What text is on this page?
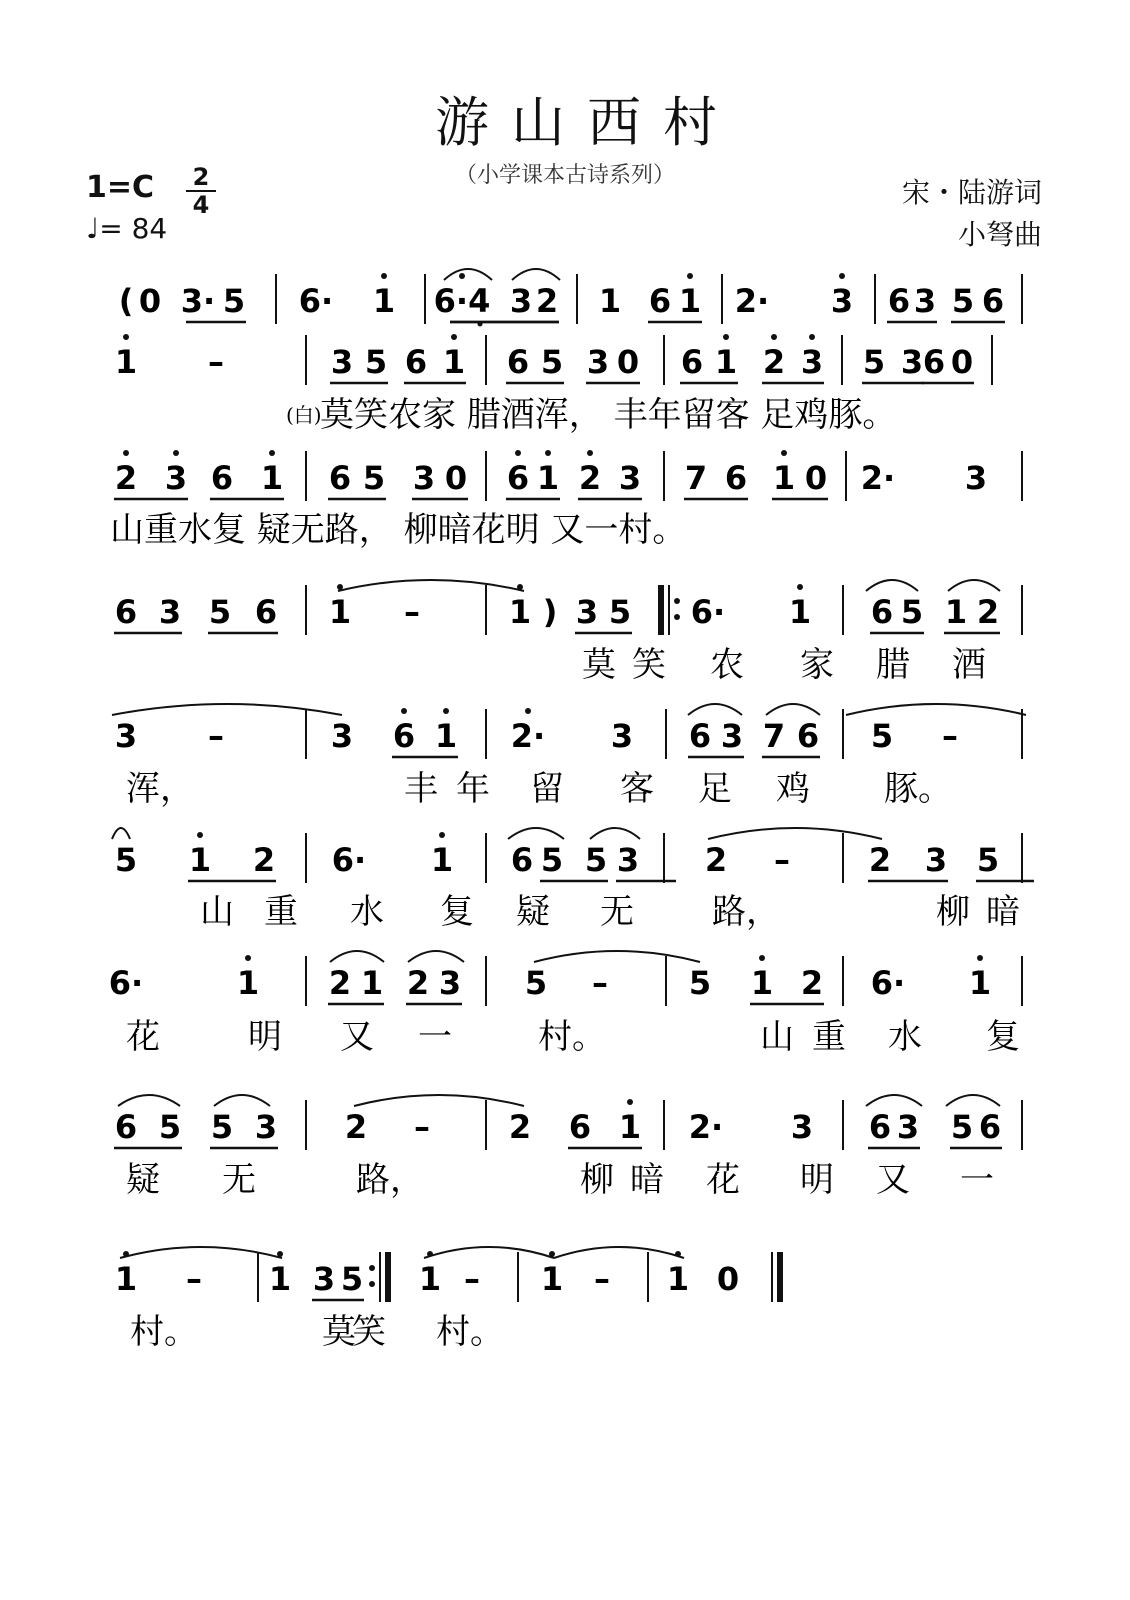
游山西村
（小学课本古诗系列）
1=C 2
4
♩= 84
宋・陆游词
小弩曲
( 0 3· 5 6· 1 6·4 3 2 1 6 1 2· 3 6 3 5 6
1 –	3 5 6 1 6 5 3 0 6 1 2 3 5 3 6 0
(白)
莫笑农家 腊酒浑， 丰年留客 足鸡豚。
2 3 6 1 6 5 3 0 6 1 2 3 7 6 1 0 2· 3
山重水复 疑无路， 柳暗花明 又一村。
6 3 5 6 1 –	1 ) 3 5 6· 1 6 5 1 2
莫 笑 农 家 腊 酒
3 –	3 6 1 2· 3 6 3 7 6 5 –
浑，	丰 年 留 客 足 鸡 豚。
5 1 2 6· 1 6 5 5 3 2 – 2 3 5
山 重 水 复 疑 无 路，	柳 暗
6·	1 2 1 2 3 5 –	5 1 2 6· 1
花	明 又 一	村。	山 重 水 复
6 5 5 3 2 – 2 6 1 2· 3 6 3 5 6
疑 无	路，	柳 暗 花 明 又 一
1 – 1 3 5 1 – 1 – 1 0
村。	莫
笑 村。
